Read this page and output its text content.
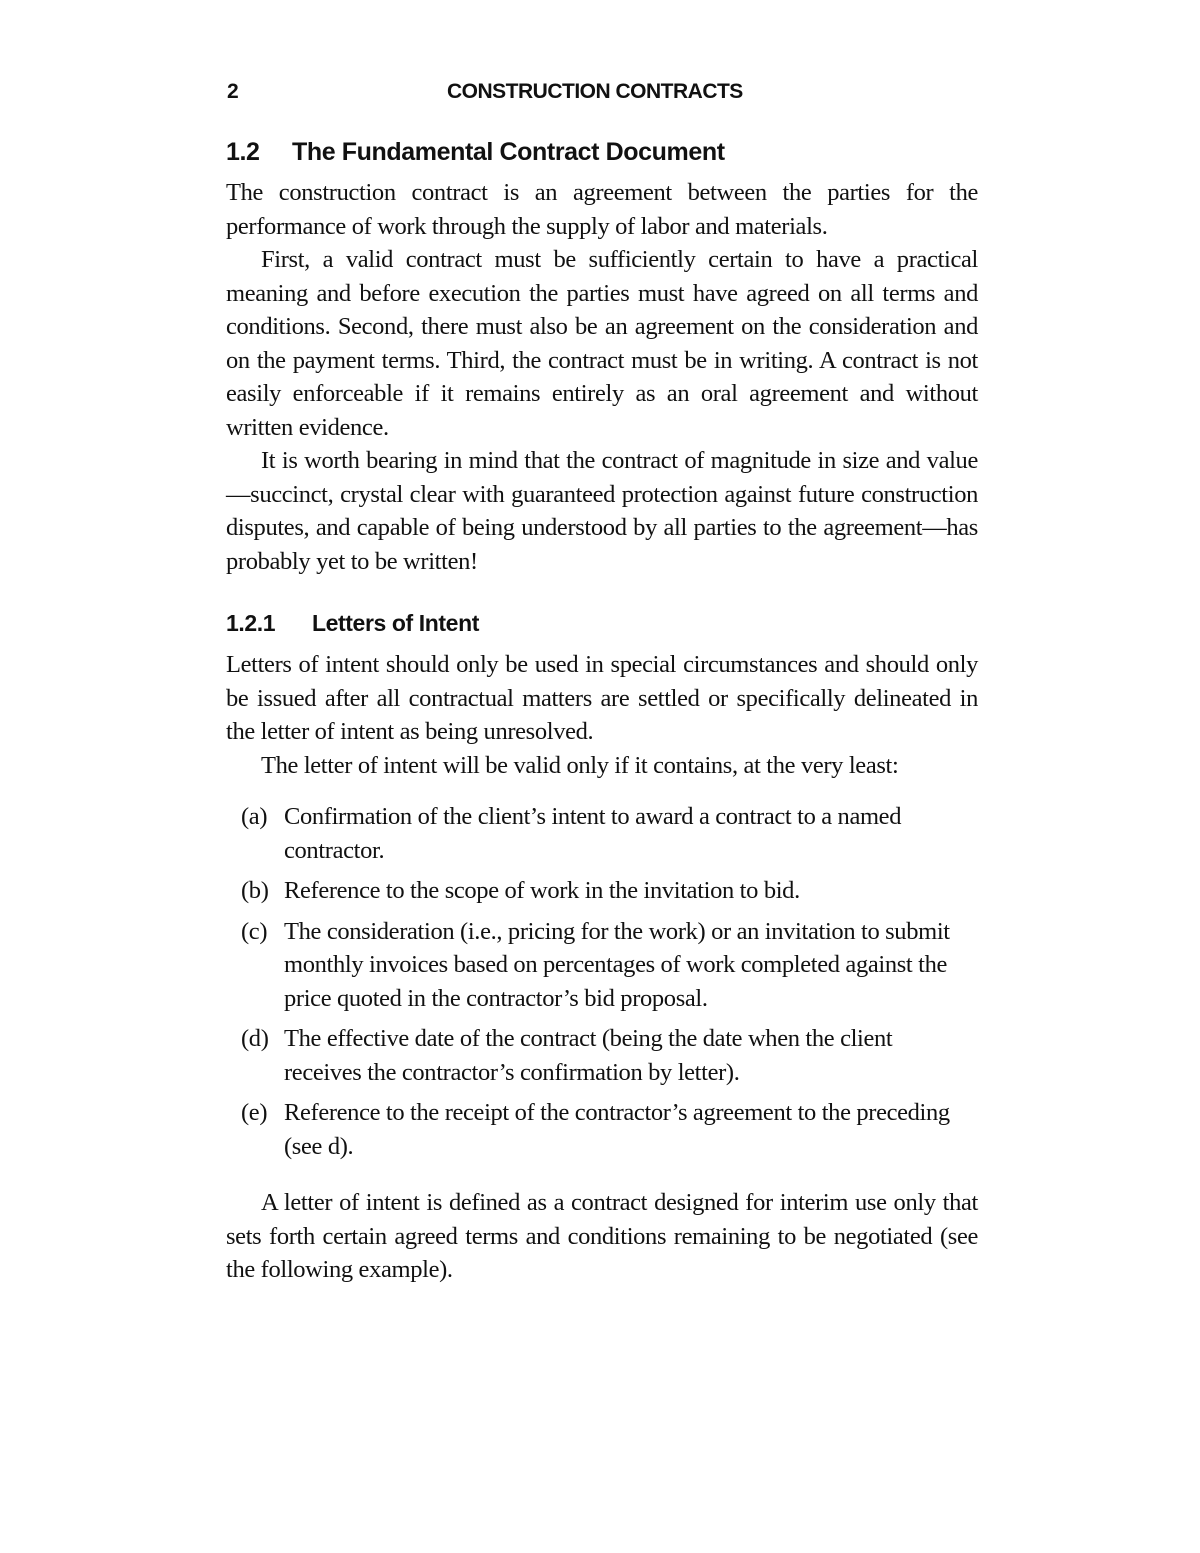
2	CONSTRUCTION CONTRACTS
1.2 The Fundamental Contract Document

The construction contract is an agreement between the parties for the performance of work through the supply of labor and materials.

First, a valid contract must be sufficiently certain to have a practical meaning and before execution the parties must have agreed on all terms and conditions. Second, there must also be an agreement on the consideration and on the payment terms. Third, the contract must be in writing. A contract is not easily enforceable if it remains entirely as an oral agreement and without written evidence.

It is worth bearing in mind that the contract of magnitude in size and value—succinct, crystal clear with guaranteed protection against future construction disputes, and capable of being understood by all parties to the agreement—has probably yet to be written!

1.2.1 Letters of Intent

Letters of intent should only be used in special circumstances and should only be issued after all contractual matters are settled or specifically delineated in the letter of intent as being unresolved.

The letter of intent will be valid only if it contains, at the very least:

(a) Confirmation of the client’s intent to award a contract to a named contractor.
(b) Reference to the scope of work in the invitation to bid.
(c) The consideration (i.e., pricing for the work) or an invitation to submit monthly invoices based on percentages of work completed against the price quoted in the contractor’s bid proposal.
(d) The effective date of the contract (being the date when the client receives the contractor’s confirmation by letter).
(e) Reference to the receipt of the contractor’s agreement to the preceding (see d).

A letter of intent is defined as a contract designed for interim use only that sets forth certain agreed terms and conditions remaining to be negotiated (see the following example).
